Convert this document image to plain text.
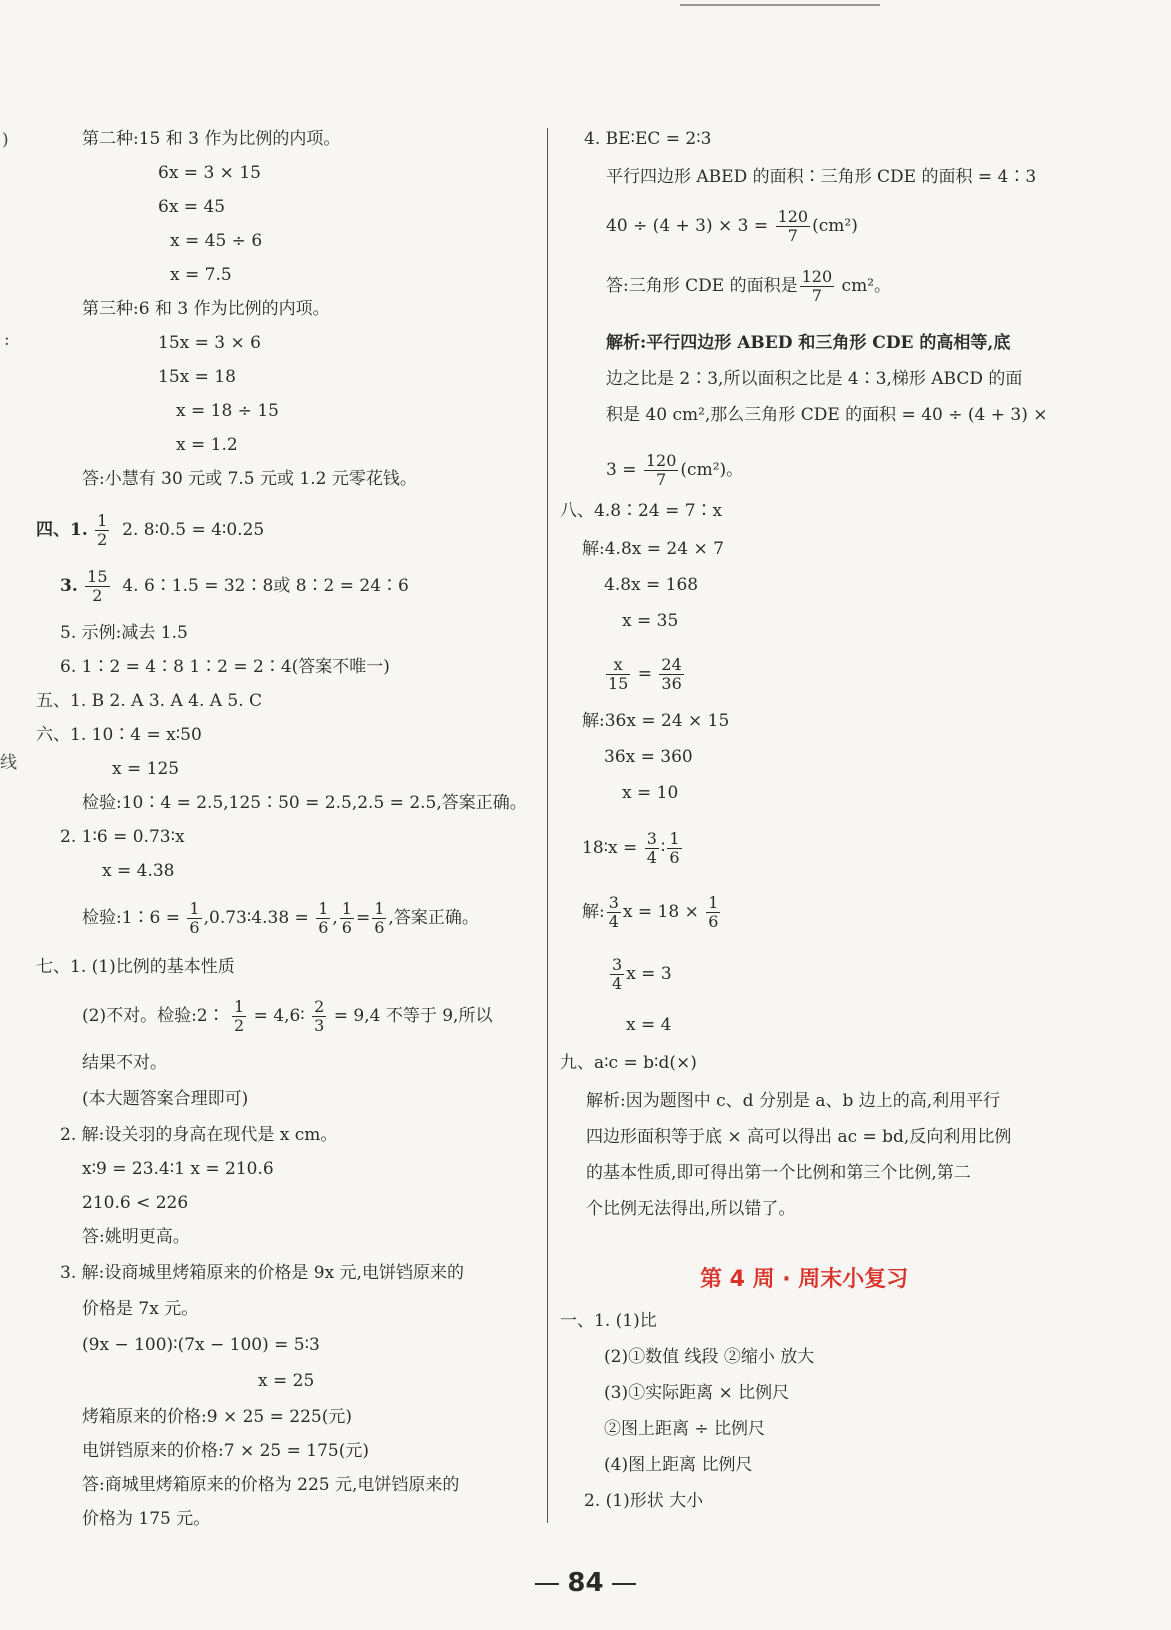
)
:
线
第二种:15 和 3 作为比例的内项。
6x = 3 × 15
6x = 45
x = 45 ÷ 6
x = 7.5
第三种:6 和 3 作为比例的内项。
15x = 3 × 6
15x = 18
x = 18 ÷ 15
x = 1.2
答:小慧有 30 元或 7.5 元或 1.2 元零花钱。
四、1. $\frac{1}{2} 2$. 8∶0.5 = 4∶0.25
3. $\frac{15}{2} 4$. 6∶1.5 = 32∶8或 8∶2 = 24∶6
5. 示例:减去 1.5
6. 1∶2 = 4∶8 1∶2 = 2∶4(答案不唯一)
五、1. B 2. A 3. A 4. A 5. C
六、1. 10∶4 = x∶50
x = 125
检验:10∶4 = 2.5,125∶50 = 2.5,2.5 = 2.5,答案正确。
2. 1∶6 = 0.73∶x
x = 4.38
检验:1∶6 = $\frac{1}{6}$ ,0.73∶4.38 = $\frac{1}{6}$ , $\frac{1}{6} = \frac{1}{6}$ ,答案正确。
七、1. (1)比例的基本性质
(2)不对。检验:2∶ $\frac{1}{2}$ = 4,6∶ $\frac{2}{3} = 9,4$ 不等于 9,所以
结果不对。
(本大题答案合理即可)
2. 解:设关羽的身高在现代是 x cm。
x∶9 = 23.4∶1 x = 210.6
210.6 < 226
答:姚明更高。
3. 解:设商城里烤箱原来的价格是 9x 元,电饼铛原来的
价格是 7x 元。
(9x − 100)∶(7x − 100) = 5∶3
x = 25
烤箱原来的价格:9 × 25 = 225(元)
电饼铛原来的价格:7 × 25 = 175(元)
答:商城里烤箱原来的价格为 225 元,电饼铛原来的
价格为 175 元。
4. BE∶EC = 2∶3
平行四边形 ABED 的面积∶三角形 CDE 的面积 = 4∶3
$40 \div (4 + 3) \times 3 = \frac{120}{7} (cm^2)$
答:三角形 CDE 的面积是 $\frac{120}{7} cm^2$。
解析:平行四边形 ABED 和三角形 CDE 的高相等,底
边之比是 2∶3,所以面积之比是 4∶3,梯形 ABCD 的面
积是 40 cm²,那么三角形 CDE 的面积 = 40 ÷ (4 + 3) ×
$3 = \frac{120}{7} (cm^2)$。
八、4.8∶24 = 7∶x
解:4.8x = 24 × 7
4.8x = 168
x = 35
$\frac{x}{15} = \frac{24}{36}$
解:36x = 24 × 15
36x = 360
x = 10
18∶x = $\frac{3}{4}$ ∶ $\frac{1}{6}$
解: $\frac{3}{4}$ $x = 18 \times \frac{1}{6}$
$\frac{3}{4}$ x = 3
x = 4
九、a∶c = b∶d(×)
解析:因为题图中 c、d 分别是 a、b 边上的高,利用平行
四边形面积等于底 × 高可以得出 ac = bd,反向利用比例
的基本性质,即可得出第一个比例和第三个比例,第二
个比例无法得出,所以错了。
一、1. (1)比
(2)①数值 线段 ②缩小 放大
(3)①实际距离 × 比例尺
②图上距离 ÷ 比例尺
(4)图上距离 比例尺
2. (1)形状 大小
第 4 周 · 周末小复习
84
